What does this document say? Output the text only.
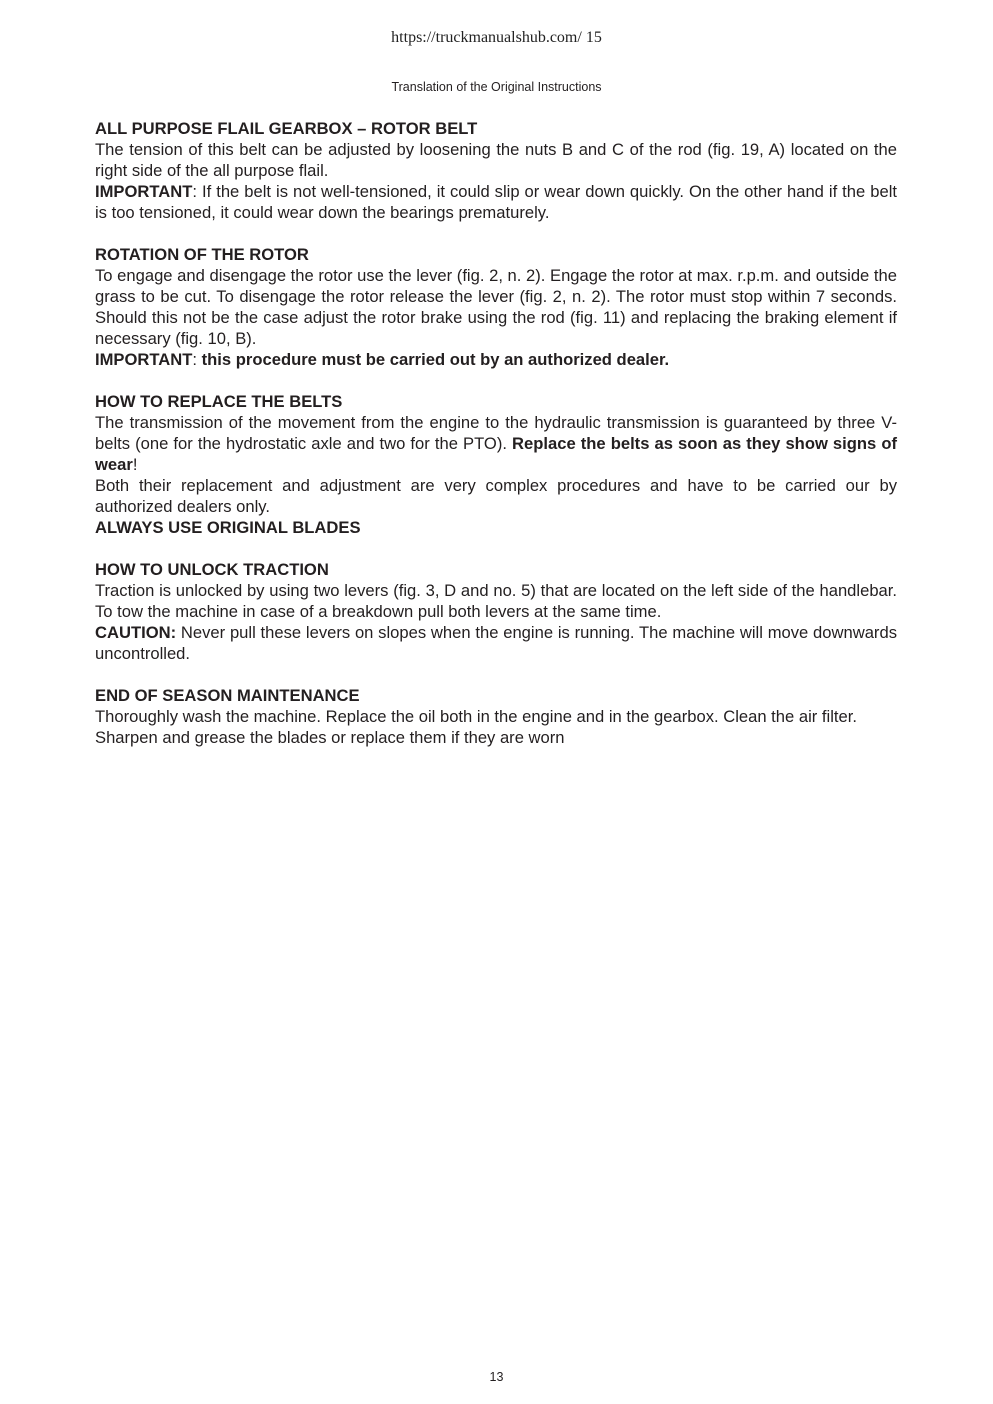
https://truckmanualshub.com/ 15
Translation of the Original Instructions

ALL PURPOSE FLAIL GEARBOX – ROTOR BELT

The tension of this belt can be adjusted by loosening the nuts B and C of the rod (fig. 19, A) located on the right side of the all purpose flail.

IMPORTANT: If the belt is not well-tensioned, it could slip or wear down quickly. On the other hand if the belt is too tensioned, it could wear down the bearings prematurely.

ROTATION OF THE ROTOR

To engage and disengage the rotor use the lever (fig. 2, n. 2). Engage the rotor at max. r.p.m. and outside the grass to be cut. To disengage the rotor release the lever (fig. 2, n. 2). The rotor must stop within 7 seconds. Should this not be the case adjust the rotor brake using the rod (fig. 11) and replacing the braking element if necessary (fig. 10, B).

IMPORTANT: this procedure must be carried out by an authorized dealer.

HOW TO REPLACE THE BELTS

The transmission of the movement from the engine to the hydraulic transmission is guaranteed by three V-belts (one for the hydrostatic axle and two for the PTO). Replace the belts as soon as they show signs of wear!

Both their replacement and adjustment are very complex procedures and have to be carried our by authorized dealers only.

ALWAYS USE ORIGINAL BLADES

HOW TO UNLOCK TRACTION

Traction is unlocked by using two levers (fig. 3, D and no. 5) that are located on the left side of the handlebar. To tow the machine in case of a breakdown pull both levers at the same time.

CAUTION: Never pull these levers on slopes when the engine is running. The machine will move downwards uncontrolled.

END OF SEASON MAINTENANCE

Thoroughly wash the machine. Replace the oil both in the engine and in the gearbox. Clean the air filter. Sharpen and grease the blades or replace them if they are worn

13
